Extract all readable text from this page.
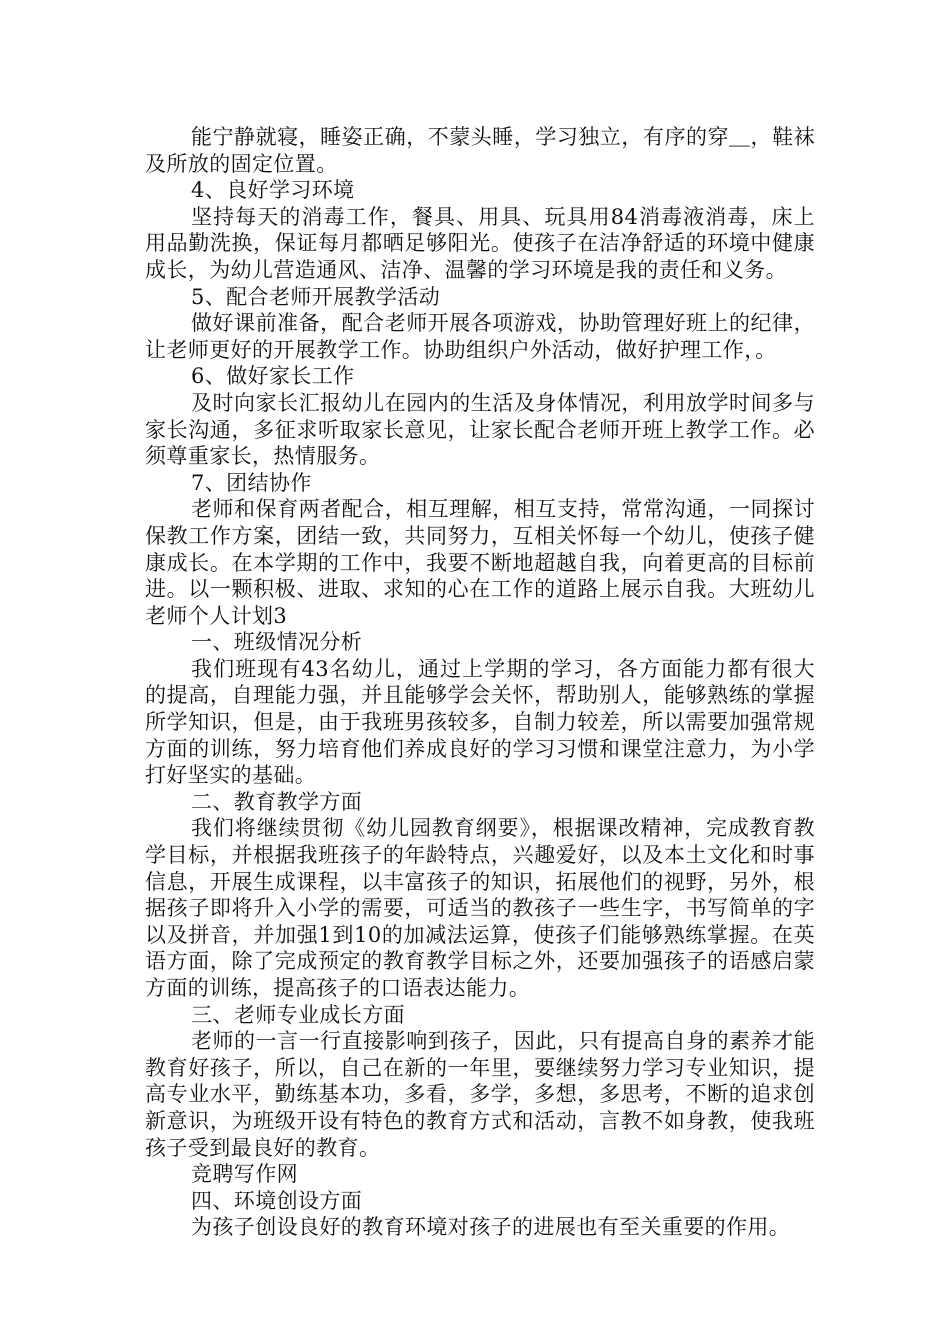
能宁静就寝，睡姿正确，不蒙头睡，学习独立，有序的穿＿，鞋袜及所放的固定位置。

4、良好学习环境

坚持每天的消毒工作，餐具、用具、玩具用84消毒液消毒，床上用品勤洗换，保证每月都晒足够阳光。使孩子在洁净舒适的环境中健康成长，为幼儿营造通风、洁净、温馨的学习环境是我的责任和义务。

5、配合老师开展教学活动

做好课前准备，配合老师开展各项游戏，协助管理好班上的纪律，让老师更好的开展教学工作。协助组织户外活动，做好护理工作，。

6、做好家长工作

及时向家长汇报幼儿在园内的生活及身体情况，利用放学时间多与家长沟通，多征求听取家长意见，让家长配合老师开班上教学工作。必须尊重家长，热情服务。

7、团结协作

老师和保育两者配合，相互理解，相互支持，常常沟通，一同探讨保教工作方案，团结一致，共同努力，互相关怀每一个幼儿，使孩子健康成长。在本学期的工作中，我要不断地超越自我，向着更高的目标前进。以一颗积极、进取、求知的心在工作的道路上展示自我。大班幼儿老师个人计划3

一、班级情况分析

我们班现有43名幼儿，通过上学期的学习，各方面能力都有很大的提高，自理能力强，并且能够学会关怀，帮助别人，能够熟练的掌握所学知识，但是，由于我班男孩较多，自制力较差，所以需要加强常规方面的训练，努力培育他们养成良好的学习习惯和课堂注意力，为小学打好坚实的基础。

二、教育教学方面

我们将继续贯彻《幼儿园教育纲要》，根据课改精神，完成教育教学目标，并根据我班孩子的年龄特点，兴趣爱好，以及本土文化和时事信息，开展生成课程，以丰富孩子的知识，拓展他们的视野，另外，根据孩子即将升入小学的需要，可适当的教孩子一些生字，书写简单的字以及拼音，并加强1到10的加减法运算，使孩子们能够熟练掌握。在英语方面，除了完成预定的教育教学目标之外，还要加强孩子的语感启蒙方面的训练，提高孩子的口语表达能力。

三、老师专业成长方面

老师的一言一行直接影响到孩子，因此，只有提高自身的素养才能教育好孩子，所以，自己在新的一年里，要继续努力学习专业知识，提高专业水平，勤练基本功，多看，多学，多想，多思考，不断的追求创新意识，为班级开设有特色的教育方式和活动，言教不如身教，使我班孩子受到最良好的教育。

竞聘写作网

四、环境创设方面

为孩子创设良好的教育环境对孩子的进展也有至关重要的作用。
